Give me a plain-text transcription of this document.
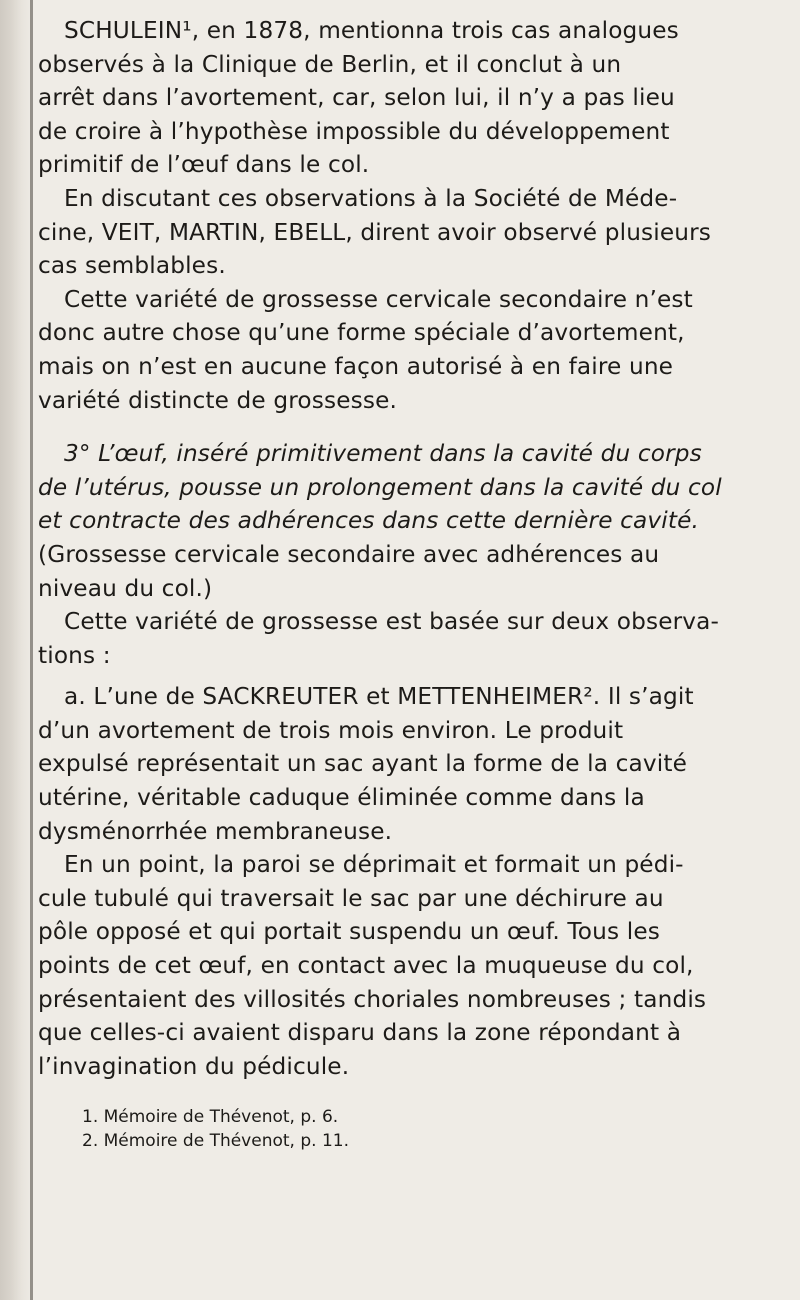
SCHULEIN¹, en 1878, mentionna trois cas analogues
observés à la Clinique de Berlin, et il conclut à un
arrêt dans l’avortement, car, selon lui, il n’y a pas lieu
de croire à l’hypothèse impossible du développement
primitif de l’œuf dans le col.

En discutant ces observations à la Société de Méde-
cine, VEIT, MARTIN, EBELL, dirent avoir observé plusieurs
cas semblables.

Cette variété de grossesse cervicale secondaire n’est
donc autre chose qu’une forme spéciale d’avortement,
mais on n’est en aucune façon autorisé à en faire une
variété distincte de grossesse.

3° L’œuf, inséré primitivement dans la cavité du corps
de l’utérus, pousse un prolongement dans la cavité du col
et contracte des adhérences dans cette dernière cavité.
(Grossesse cervicale secondaire avec adhérences au
niveau du col.)

Cette variété de grossesse est basée sur deux observa-
tions :

a. L’une de SACKREUTER et METTENHEIMER². Il s’agit
d’un avortement de trois mois environ. Le produit
expulsé représentait un sac ayant la forme de la cavité
utérine, véritable caduque éliminée comme dans la
dysménorrhée membraneuse.

En un point, la paroi se déprimait et formait un pédi-
cule tubulé qui traversait le sac par une déchirure au
pôle opposé et qui portait suspendu un œuf. Tous les
points de cet œuf, en contact avec la muqueuse du col,
présentaient des villosités choriales nombreuses ; tandis
que celles-ci avaient disparu dans la zone répondant à
l’invagination du pédicule.

1. Mémoire de Thévenot, p. 6.
2. Mémoire de Thévenot, p. 11.
